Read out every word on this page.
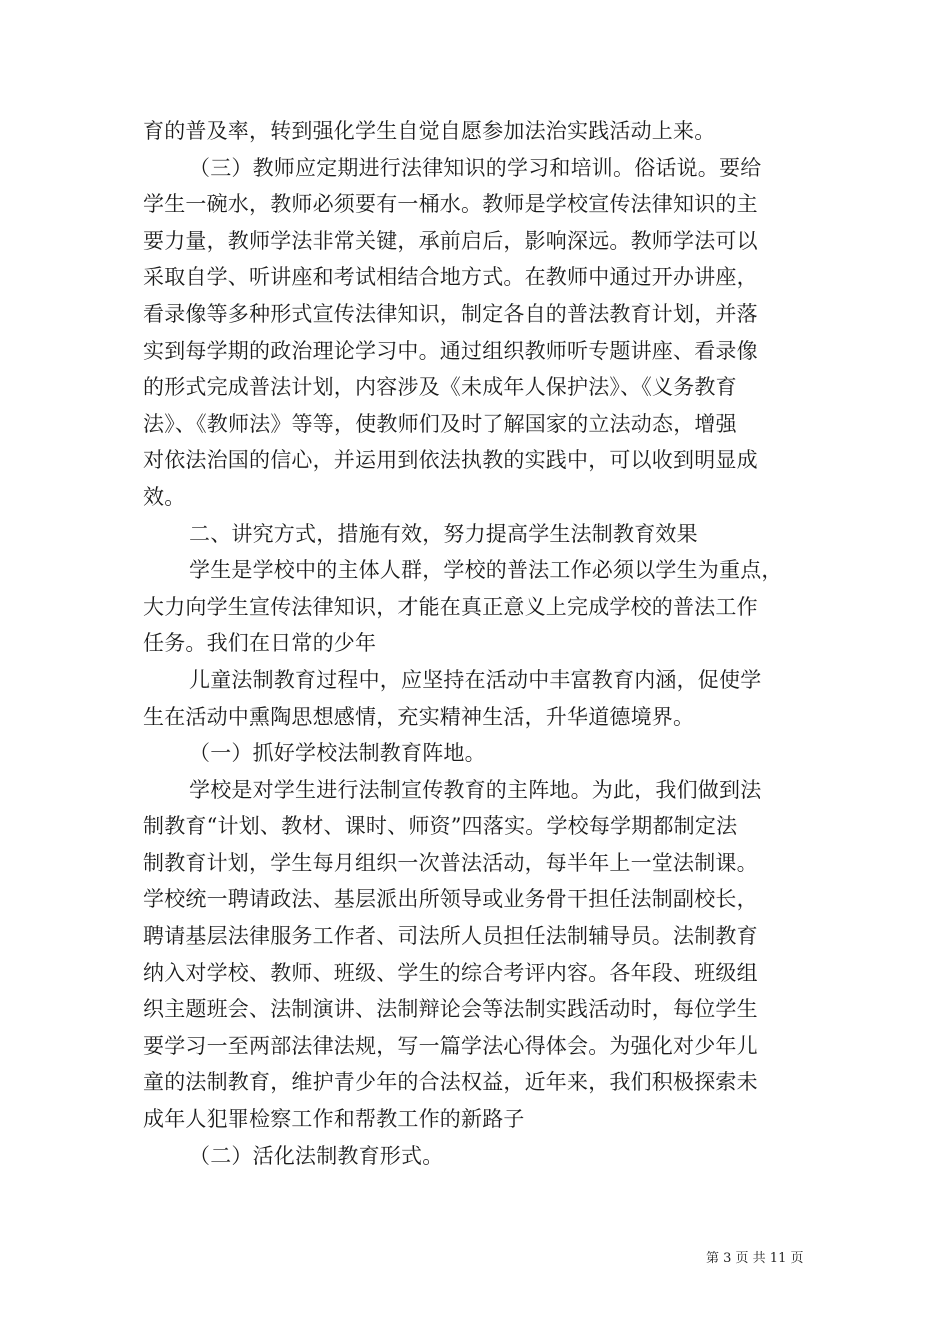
育的普及率，转到强化学生自觉自愿参加法治实践活动上来。
（三）教师应定期进行法律知识的学习和培训。俗话说。要给
学生一碗水，教师必须要有一桶水。教师是学校宣传法律知识的主
要力量，教师学法非常关键，承前启后，影响深远。教师学法可以
采取自学、听讲座和考试相结合地方式。在教师中通过开办讲座，
看录像等多种形式宣传法律知识，制定各自的普法教育计划，并落
实到每学期的政治理论学习中。通过组织教师听专题讲座、看录像
的形式完成普法计划，内容涉及《未成年人保护法》、《义务教育
法》、《教师法》等等，使教师们及时了解国家的立法动态，增强
对依法治国的信心，并运用到依法执教的实践中，可以收到明显成
效。
二、讲究方式，措施有效，努力提高学生法制教育效果
学生是学校中的主体人群，学校的普法工作必须以学生为重点，
大力向学生宣传法律知识，才能在真正意义上完成学校的普法工作
任务。我们在日常的少年
儿童法制教育过程中，应坚持在活动中丰富教育内涵，促使学
生在活动中熏陶思想感情，充实精神生活，升华道德境界。
（一）抓好学校法制教育阵地。
学校是对学生进行法制宣传教育的主阵地。为此，我们做到法
制教育“计划、教材、课时、师资”四落实。学校每学期都制定法
制教育计划，学生每月组织一次普法活动，每半年上一堂法制课。
学校统一聘请政法、基层派出所领导或业务骨干担任法制副校长，
聘请基层法律服务工作者、司法所人员担任法制辅导员。法制教育
纳入对学校、教师、班级、学生的综合考评内容。各年段、班级组
织主题班会、法制演讲、法制辩论会等法制实践活动时，每位学生
要学习一至两部法律法规，写一篇学法心得体会。为强化对少年儿
童的法制教育，维护青少年的合法权益，近年来，我们积极探索未
成年人犯罪检察工作和帮教工作的新路子
（二）活化法制教育形式。
第 3 页 共 11 页
